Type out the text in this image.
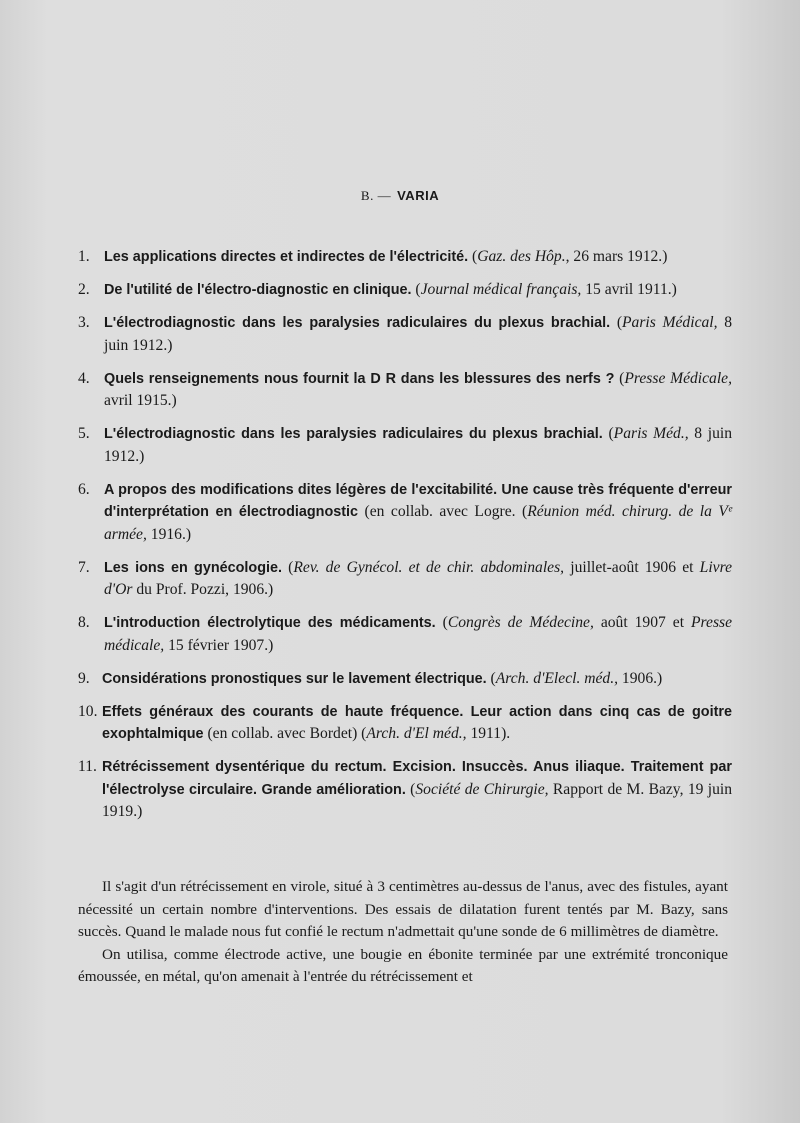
B. — VARIA
1. Les applications directes et indirectes de l'électricité. (Gaz. des Hôp., 26 mars 1912.)
2. De l'utilité de l'électro-diagnostic en clinique. (Journal médical français, 15 avril 1911.)
3. L'électrodiagnostic dans les paralysies radiculaires du plexus brachial. (Paris Médical, 8 juin 1912.)
4. Quels renseignements nous fournit la D R dans les blessures des nerfs ? (Presse Médicale, avril 1915.)
5. L'électrodiagnostic dans les paralysies radiculaires du plexus brachial. (Paris Méd., 8 juin 1912.)
6. A propos des modifications dites légères de l'excitabilité. Une cause très fréquente d'erreur d'interprétation en électrodiagnostic (en collab. avec Logre. (Réunion méd. chirurg. de la Vᵉ armée, 1916.)
7. Les ions en gynécologie. (Rev. de Gynécol. et de chir. abdominales, juillet-août 1906 et Livre d'Or du Prof. Pozzi, 1906.)
8. L'introduction électrolytique des médicaments. (Congrès de Médecine, août 1907 et Presse médicale, 15 février 1907.)
9. Considérations pronostiques sur le lavement électrique. (Arch. d'Elecl. méd., 1906.)
10. Effets généraux des courants de haute fréquence. Leur action dans cinq cas de goitre exophtalmique (en collab. avec Bordet) (Arch. d'El méd., 1911).
11. Rétrécissement dysentérique du rectum. Excision. Insuccès. Anus iliaque. Traitement par l'électrolyse circulaire. Grande amélioration. (Société de Chirurgie, Rapport de M. Bazy, 19 juin 1919.)

Il s'agit d'un rétrécissement en virole, situé à 3 centimètres au-dessus de l'anus, avec des fistules, ayant nécessité un certain nombre d'interventions. Des essais de dilatation furent tentés par M. Bazy, sans succès. Quand le malade nous fut confié le rectum n'admettait qu'une sonde de 6 millimètres de diamètre.

On utilisa, comme électrode active, une bougie en ébonite terminée par une extrémité tronconique émoussée, en métal, qu'on amenait à l'entrée du rétrécissement et
